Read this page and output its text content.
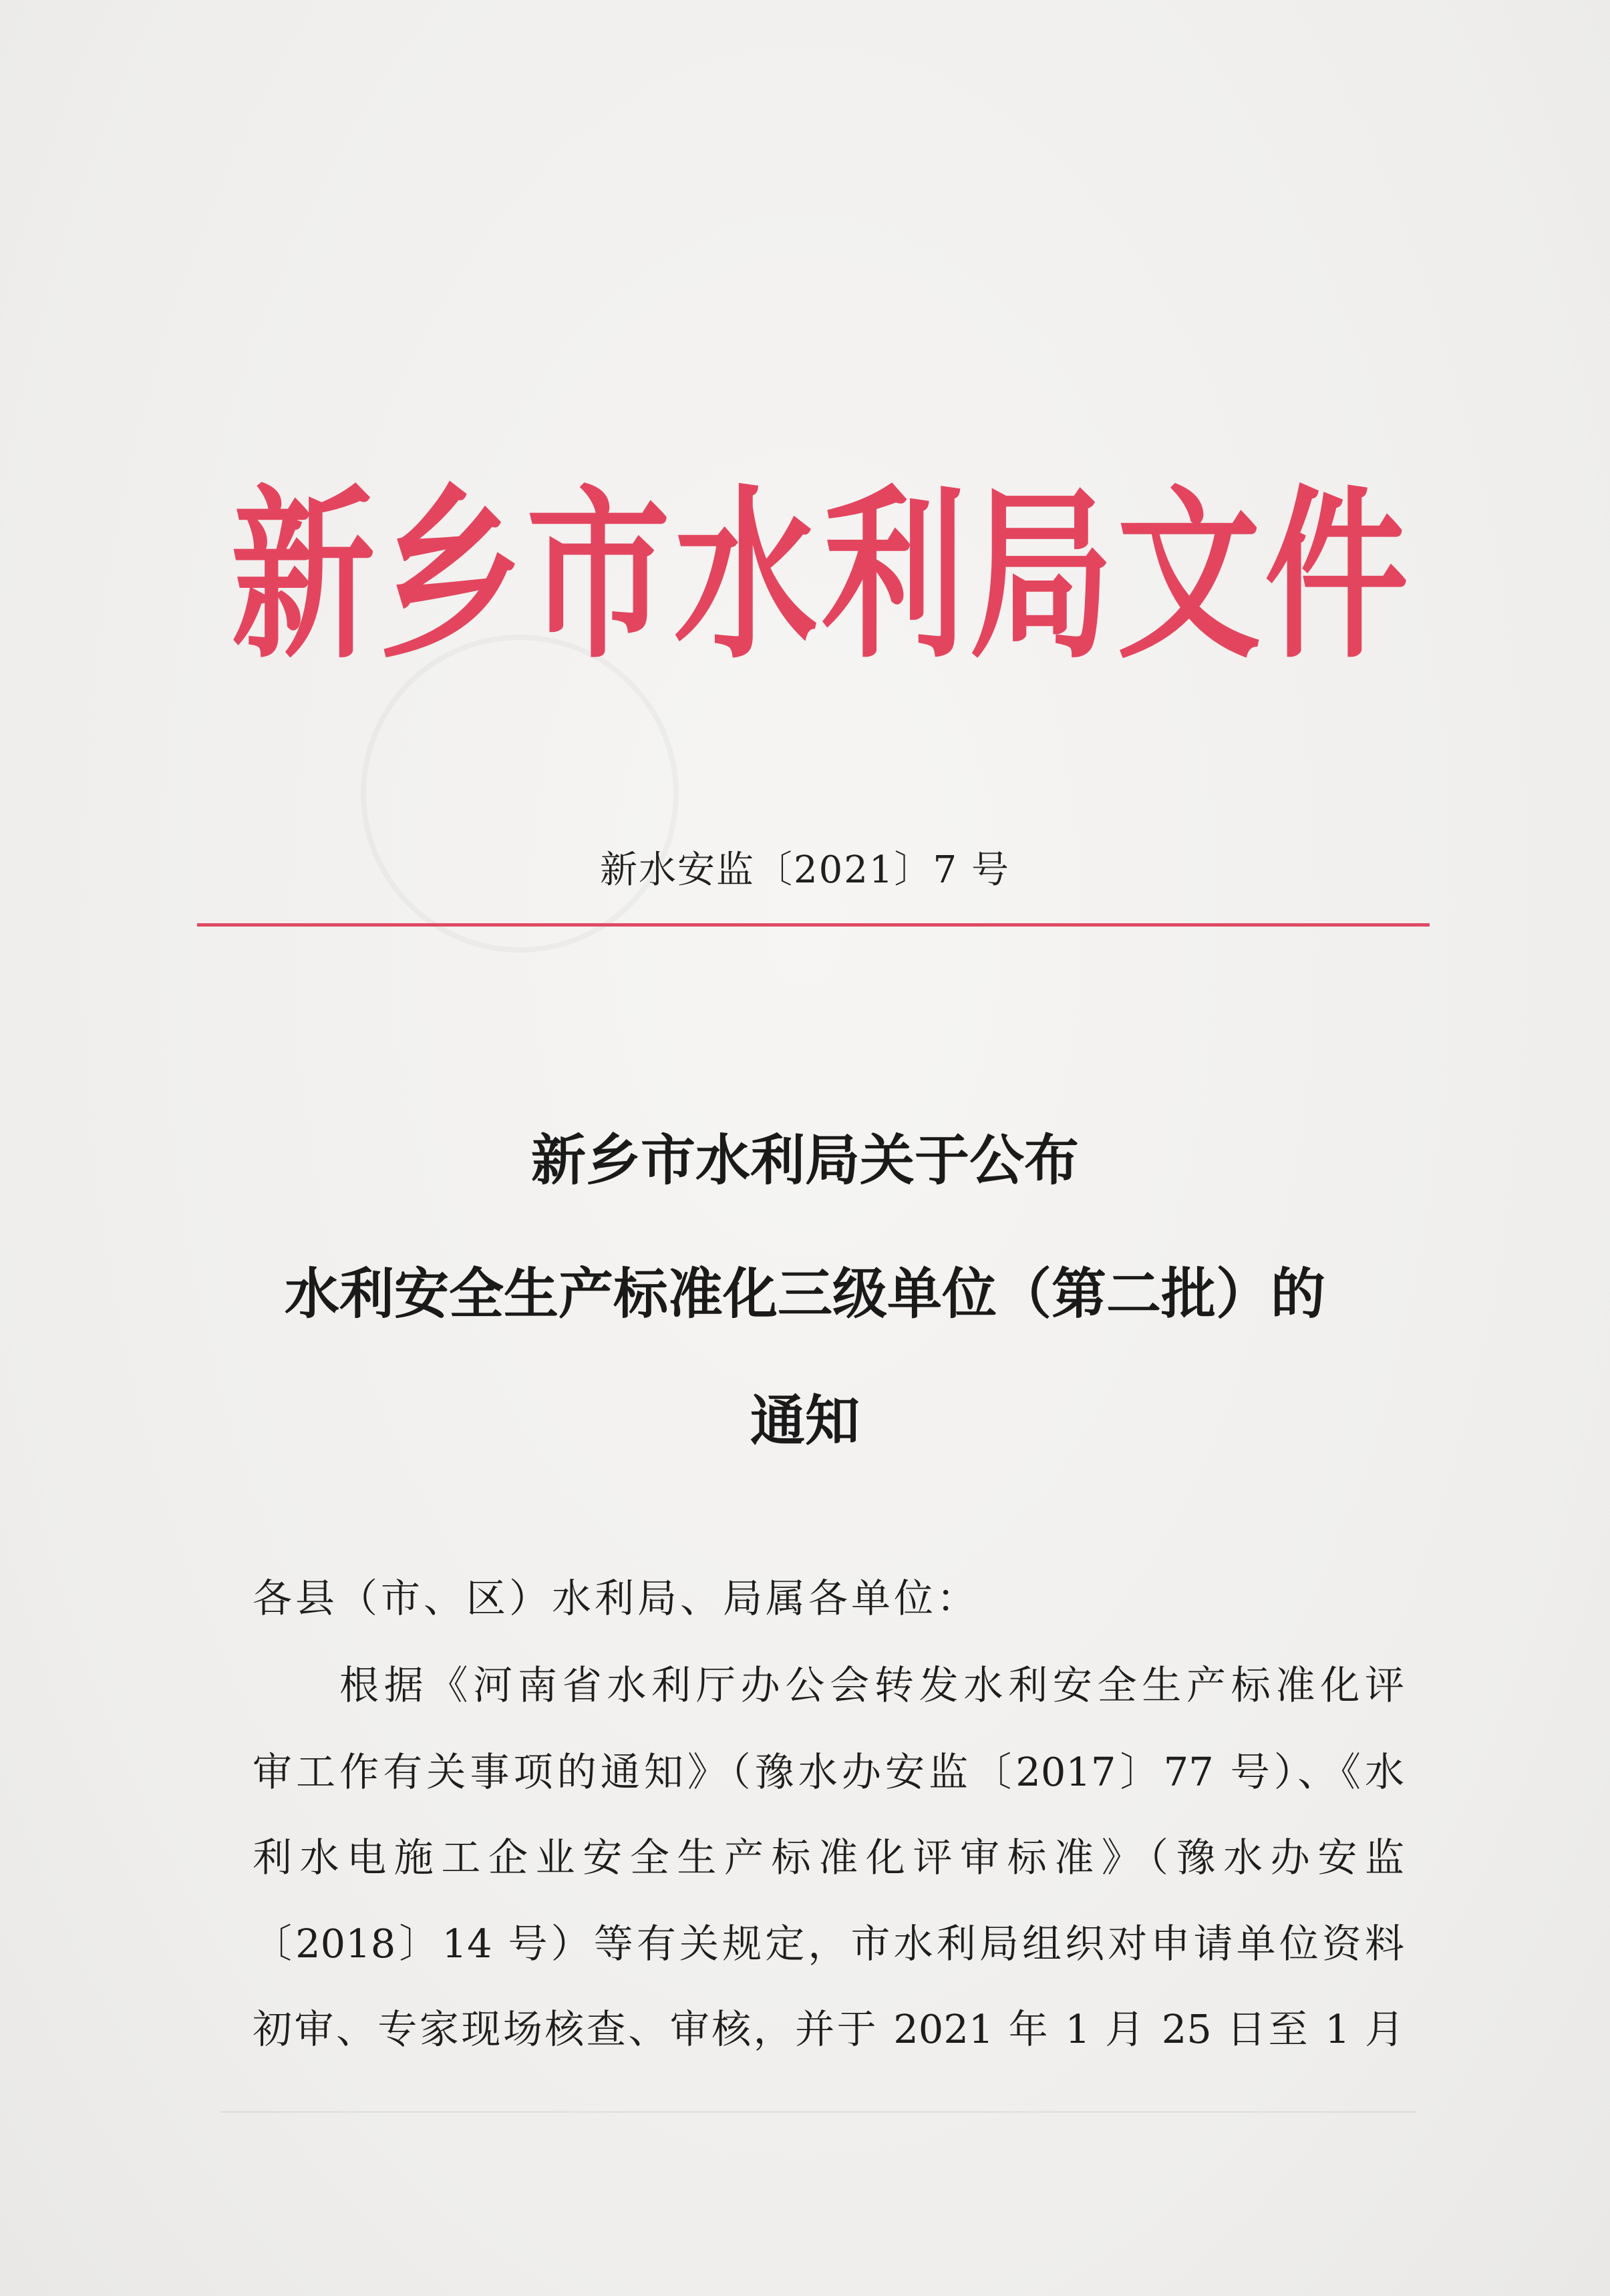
新乡市水利局文件
新水安监〔2021〕7 号
新乡市水利局关于公布
水利安全生产标准化三级单位（第二批）的
通知
各县（市、区）水利局、局属各单位：
根据《河南省水利厅办公会转发水利安全生产标准化评
审工作有关事项的通知》（豫水办安监〔2017〕77 号）、《水
利水电施工企业安全生产标准化评审标准》（豫水办安监
〔2018〕14 号）等有关规定，市水利局组织对申请单位资料
初审、专家现场核查、审核，并于 2021 年 1 月 25 日至 1 月
